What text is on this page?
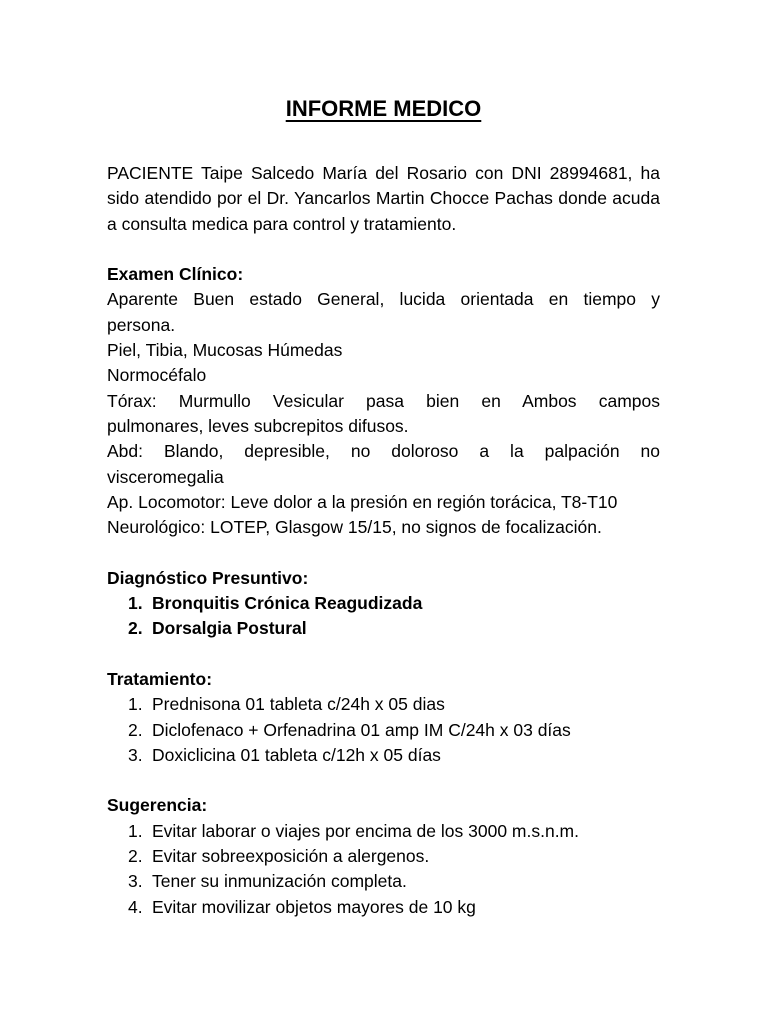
INFORME MEDICO

PACIENTE Taipe Salcedo María del Rosario con DNI 28994681, ha sido atendido por el Dr. Yancarlos Martin Chocce Pachas donde acuda a consulta medica para control y tratamiento.

Examen Clínico:

Aparente Buen estado General, lucida orientada en tiempo y

persona.

Piel, Tibia, Mucosas Húmedas

Normocéfalo

Tórax: Murmullo Vesicular pasa bien en Ambos campos

pulmonares, leves subcrepitos difusos.

Abd: Blando, depresible, no doloroso a la palpación no

visceromegalia

Ap. Locomotor: Leve dolor a la presión en región torácica, T8-T10

Neurológico: LOTEP, Glasgow 15/15, no signos de focalización.

Diagnóstico Presuntivo:

1. Bronquitis Crónica Reagudizada
2. Dorsalgia Postural

Tratamiento:

1. Prednisona 01 tableta c/24h x 05 dias
2. Diclofenaco + Orfenadrina 01 amp IM C/24h x 03 días
3. Doxiclicina 01 tableta c/12h x 05 días

Sugerencia:

1. Evitar laborar o viajes por encima de los 3000 m.s.n.m.
2. Evitar sobreexposición a alergenos.
3. Tener su inmunización completa.
4. Evitar movilizar objetos mayores de 10 kg
